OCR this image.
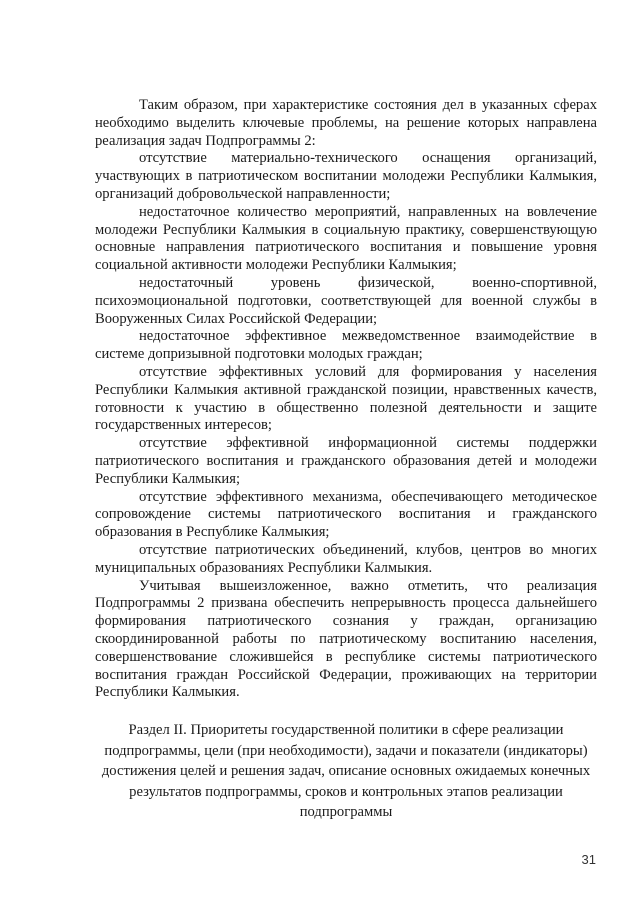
Таким образом, при характеристике состояния дел в указанных сферах необходимо выделить ключевые проблемы, на решение которых направлена реализация задач Подпрограммы 2:

отсутствие материально-технического оснащения организаций, участвующих в патриотическом воспитании молодежи Республики Калмыкия, организаций добровольческой направленности;

недостаточное количество мероприятий, направленных на вовлечение молодежи Республики Калмыкия в социальную практику, совершенствующую основные направления патриотического воспитания и повышение уровня социальной активности молодежи Республики Калмыкия;

недостаточный уровень физической, военно-спортивной, психоэмоциональной подготовки, соответствующей для военной службы в Вооруженных Силах Российской Федерации;

недостаточное эффективное межведомственное взаимодействие в системе допризывной подготовки молодых граждан;

отсутствие эффективных условий для формирования у населения Республики Калмыкия активной гражданской позиции, нравственных качеств, готовности к участию в общественно полезной деятельности и защите государственных интересов;

отсутствие эффективной информационной системы поддержки патриотического воспитания и гражданского образования детей и молодежи Республики Калмыкия;

отсутствие эффективного механизма, обеспечивающего методическое сопровождение системы патриотического воспитания и гражданского образования в Республике Калмыкия;

отсутствие патриотических объединений, клубов, центров во многих муниципальных образованиях Республики Калмыкия.

Учитывая вышеизложенное, важно отметить, что реализация Подпрограммы 2 призвана обеспечить непрерывность процесса дальнейшего формирования патриотического сознания у граждан, организацию скоординированной работы по патриотическому воспитанию населения, совершенствование сложившейся в республике системы патриотического воспитания граждан Российской Федерации, проживающих на территории Республики Калмыкия.

Раздел II. Приоритеты государственной политики в сфере реализации подпрограммы, цели (при необходимости), задачи и показатели (индикаторы) достижения целей и решения задач, описание основных ожидаемых конечных результатов подпрограммы, сроков и контрольных этапов реализации подпрограммы
31
